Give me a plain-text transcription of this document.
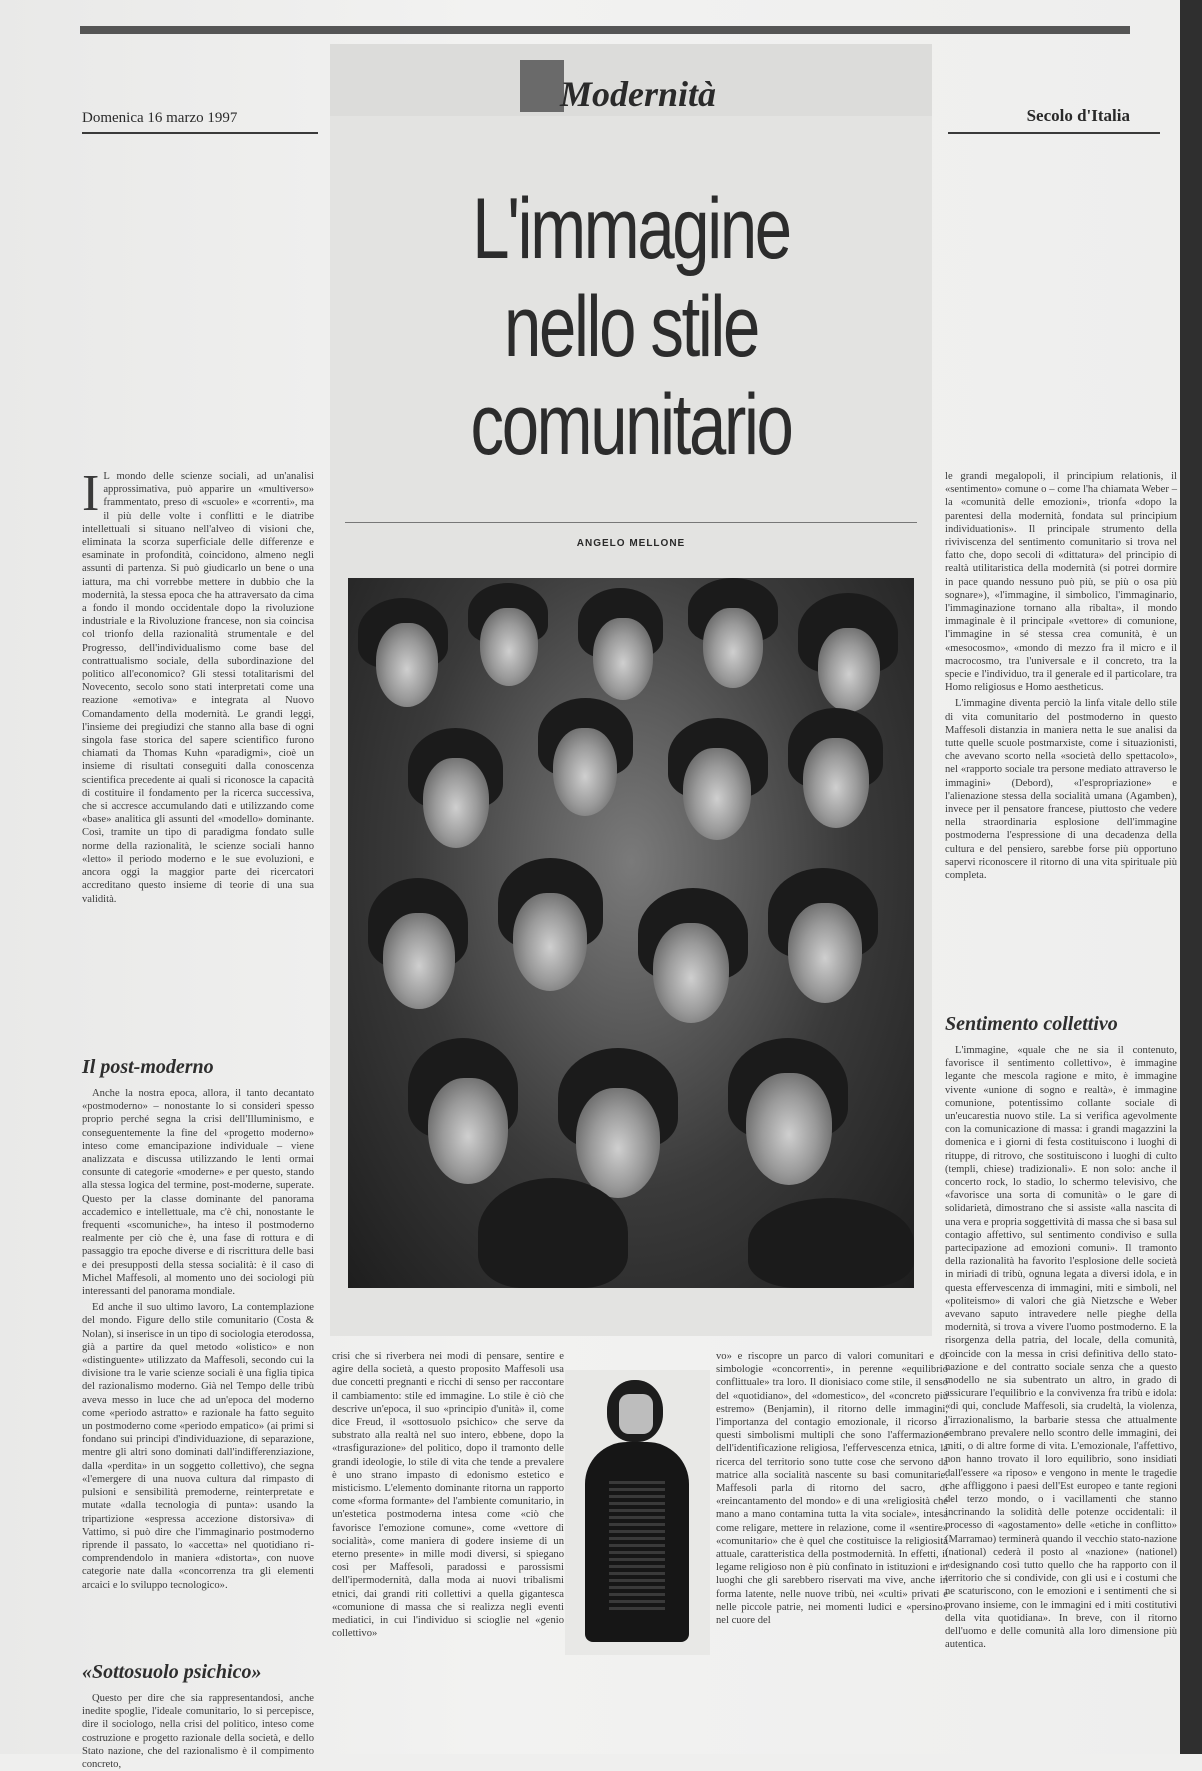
Domenica 16 marzo 1997	Secolo d'Italia
Modernità
L'immagine
nello stile
comunitario
ANGELO MELLONE

I L mondo delle scienze sociali, ad un'analisi approssimativa, può apparire un «multiverso» frammentato, preso di «scuole» e «correnti», ma il più delle volte i conflitti e le diatribe intellettuali si situano nell'alveo di visioni che, eliminata la scorza superficiale delle differenze e esaminate in profondità, coincidono, almeno negli assunti di partenza. Si può giudicarlo un bene o una iattura, ma chi vorrebbe mettere in dubbio che la modernità, la stessa epoca che ha attraversato da cima a fondo il mondo occidentale dopo la rivoluzione industriale e la Rivoluzione francese, non sia coincisa col trionfo della razionalità strumentale e del Progresso, dell'individualismo come base del contrattualismo sociale, della subordinazione del politico all'economico? Gli stessi totalitarismi del Novecento, secolo sono stati interpretati come una reazione «emotiva» e integrata al Nuovo Comandamento della modernità. Le grandi leggi, l'insieme dei pregiudizi che stanno alla base di ogni singola fase storica del sapere scientifico furono chiamati da Thomas Kuhn «paradigmi», cioè un insieme di risultati conseguiti dalla conoscenza scientifica precedente ai quali si riconosce la capacità di costituire il fondamento per la ricerca successiva, che si accresce accumulando dati e utilizzando come «base» analitica gli assunti del «modello» dominante. Così, tramite un tipo di paradigma fondato sulle norme della razionalità, le scienze sociali hanno «letto» il periodo moderno e le sue evoluzioni, e ancora oggi la maggior parte dei ricercatori accreditano questo insieme di teorie di una sua validità.

Il post-moderno

Anche la nostra epoca, allora, il tanto decantato «postmoderno» – nonostante lo si consideri spesso proprio perché segna la crisi dell'Illuminismo, e conseguentemente la fine del «progetto moderno» inteso come emancipazione individuale – viene analizzata e discussa utilizzando le lenti ormai consunte di categorie «moderne» e per questo, stando alla stessa logica del termine, post-moderne, superate. Questo per la classe dominante del panorama accademico e intellettuale, ma c'è chi, nonostante le frequenti «scomuniche», ha inteso il postmoderno realmente per ciò che è, una fase di rottura e di passaggio tra epoche diverse e di riscrittura delle basi e dei presupposti della stessa socialità: è il caso di Michel Maffesoli, al momento uno dei sociologi più interessanti del panorama mondiale.

Ed anche il suo ultimo lavoro, La contemplazione del mondo. Figure dello stile comunitario (Costa & Nolan), si inserisce in un tipo di sociologia eterodossa, già a partire da quel metodo «olistico» e non «distinguente» utilizzato da Maffesoli, secondo cui la divisione tra le varie scienze sociali è una figlia tipica del razionalismo moderno. Già nel Tempo delle tribù aveva messo in luce che ad un'epoca del moderno come «periodo astratto» e razionale ha fatto seguito un postmoderno come «periodo empatico» (ai primi si fondano sui principi d'individuazione, di separazione, mentre gli altri sono dominati dall'indifferenziazione, dalla «perdita» in un soggetto collettivo), che segna «l'emergere di una nuova cultura dal rimpasto di pulsioni e sensibilità premoderne, reinterpretate e mutate «dalla tecnologia di punta»: usando la tripartizione «espressa accezione distorsiva» di Vattimo, si può dire che l'immaginario postmoderno riprende il passato, lo «accetta» nel quotidiano ri-comprendendolo in maniera «distorta», con nuove categorie nate dalla «concorrenza tra gli elementi arcaici e lo sviluppo tecnologico».

«Sottosuolo psichico»

Questo per dire che sia rappresentandosi, anche inedite spoglie, l'ideale comunitario, lo si percepisce, dire il sociologo, nella crisi del politico, inteso come costruzione e progetto razionale della società, e dello Stato nazione, che del razionalismo è il compimento concreto,

crisi che si riverbera nei modi di pensare, sentire e agire della società, a questo proposito Maffesoli usa due concetti pregnanti e ricchi di senso per raccontare il cambiamento: stile ed immagine. Lo stile è ciò che descrive un'epoca, il suo «principio d'unità» il, come dice Freud, il «sottosuolo psichico» che serve da substrato alla realtà nel suo intero, ebbene, dopo la «trasfigurazione» del politico, dopo il tramonto delle grandi ideologie, lo stile di vita che tende a prevalere è uno strano impasto di edonismo estetico e misticismo. L'elemento dominante ritorna un rapporto come «forma formante» del l'ambiente comunitario, in un'estetica postmoderna intesa come «ciò che favorisce l'emozione comune», come «vettore di socialità», come maniera di godere insieme di un eterno presente» in mille modi diversi, si spiegano così per Maffesoli, paradossi e parossismi dell'ipermodernità, dalla moda ai nuovi tribalismi etnici, dai grandi riti collettivi a quella gigantesca «comunione di massa che si realizza negli eventi mediatici, in cui l'individuo si scioglie nel «genio collettivo»

vo» e riscopre un parco di valori comunitari e di simbologie «concorrenti», in perenne «equilibrio conflittuale» tra loro. Il dionisiaco come stile, il senso del «quotidiano», del «domestico», del «concreto più estremo» (Benjamin), il ritorno delle immagini, l'importanza del contagio emozionale, il ricorso a questi simbolismi multipli che sono l'affermazione dell'identificazione religiosa, l'effervescenza etnica, la ricerca del territorio sono tutte cose che servono da matrice alla socialità nascente su basi comunitarie. Maffesoli parla di ritorno del sacro, di «reincantamento del mondo» e di una «religiosità che mano a mano contamina tutta la vita sociale», intesa come religare, mettere in relazione, come il «sentire» «comunitario» che è quel che costituisce la religiosità attuale, caratteristica della postmodernità. In effetti, il legame religioso non è più confinato in istituzioni e in luoghi che gli sarebbero riservati ma vive, anche in forma latente, nelle nuove tribù, nei «culti» privati e nelle piccole patrie, nei momenti ludici e «persino» nel cuore del

le grandi megalopoli, il principium relationis, il «sentimento» comune o – come l'ha chiamata Weber – la «comunità delle emozioni», trionfa «dopo la parentesi della modernità, fondata sul principium individuationis». Il principale strumento della riviviscenza del sentimento comunitario si trova nel fatto che, dopo secoli di «dittatura» del principio di realtà utilitaristica della modernità (si potrei dormire in pace quando nessuno può più, se più o osa più sognare»), «l'immagine, il simbolico, l'immaginario, l'immaginazione tornano alla ribalta», il mondo immaginale è il principale «vettore» di comunione, l'immagine in sé stessa crea comunità, è un «mesocosmo», «mondo di mezzo fra il micro e il macrocosmo, tra l'universale e il concreto, tra la specie e l'individuo, tra il generale ed il particolare, tra Homo religiosus e Homo aestheticus.

L'immagine diventa perciò la linfa vitale dello stile di vita comunitario del postmoderno in questo Maffesoli distanzia in maniera netta le sue analisi da tutte quelle scuole postmarxiste, come i situazionisti, che avevano scorto nella «società dello spettacolo», nel «rapporto sociale tra persone mediato attraverso le immagini» (Debord), «l'espropriazione» e l'alienazione stessa della socialità umana (Agamben), invece per il pensatore francese, piuttosto che vedere nella straordinaria esplosione dell'immagine postmoderna l'espressione di una decadenza della cultura e del pensiero, sarebbe forse più opportuno sapervi riconoscere il ritorno di una vita spirituale più completa.

Sentimento collettivo

L'immagine, «quale che ne sia il contenuto, favorisce il sentimento collettivo», è immagine legante che mescola ragione e mito, è immagine vivente «unione di sogno e realtà», è immagine comunione, potentissimo collante sociale di un'eucarestia nuovo stile. La si verifica agevolmente con la comunicazione di massa: i grandi magazzini la domenica e i giorni di festa costituiscono i luoghi di rituppe, di ritrovo, che sostituiscono i luoghi di culto (templi, chiese) tradizionali». E non solo: anche il concerto rock, lo stadio, lo schermo televisivo, che «favorisce una sorta di comunità» o le gare di solidarietà, dimostrano che si assiste «alla nascita di una vera e propria soggettività di massa che si basa sul contagio affettivo, sul sentimento condiviso e sulla partecipazione ad emozioni comuni». Il tramonto della razionalità ha favorito l'esplosione delle società in miriadi di tribù, ognuna legata a diversi idola, e in questa effervescenza di immagini, miti e simboli, nel «politeismo» di valori che già Nietzsche e Weber avevano saputo intravedere nelle pieghe della modernità, si trova a vivere l'uomo postmoderno. E la risorgenza della patria, del locale, della comunità, coincide con la messa in crisi definitiva dello stato-nazione e del contratto sociale senza che a questo modello ne sia subentrato un altro, in grado di assicurare l'equilibrio e la convivenza fra tribù e idola: «di qui, conclude Maffesoli, sia crudeltà, la violenza, l'irrazionalismo, la barbarie stessa che attualmente sembrano prevalere nello scontro delle immagini, dei miti, o di altre forme di vita. L'emozionale, l'affettivo, non hanno trovato il loro equilibrio, sono insidiati dall'essere «a riposo» e vengono in mente le tragedie che affliggono i paesi dell'Est europeo e tante regioni del terzo mondo, o i vacillamenti che stanno incrinando la solidità delle potenze occidentali: il processo di «agostamento» delle «etiche in conflitto» (Marramao) terminerà quando il vecchio stato-nazione (national) cederà il posto al «nazione» (nationel) «designando così tutto quello che ha rapporto con il territorio che si condivide, con gli usi e i costumi che ne scaturiscono, con le emozioni e i sentimenti che si provano insieme, con le immagini ed i miti costitutivi della vita quotidiana». In breve, con il ritorno dell'uomo e delle comunità alla loro dimensione più autentica.
